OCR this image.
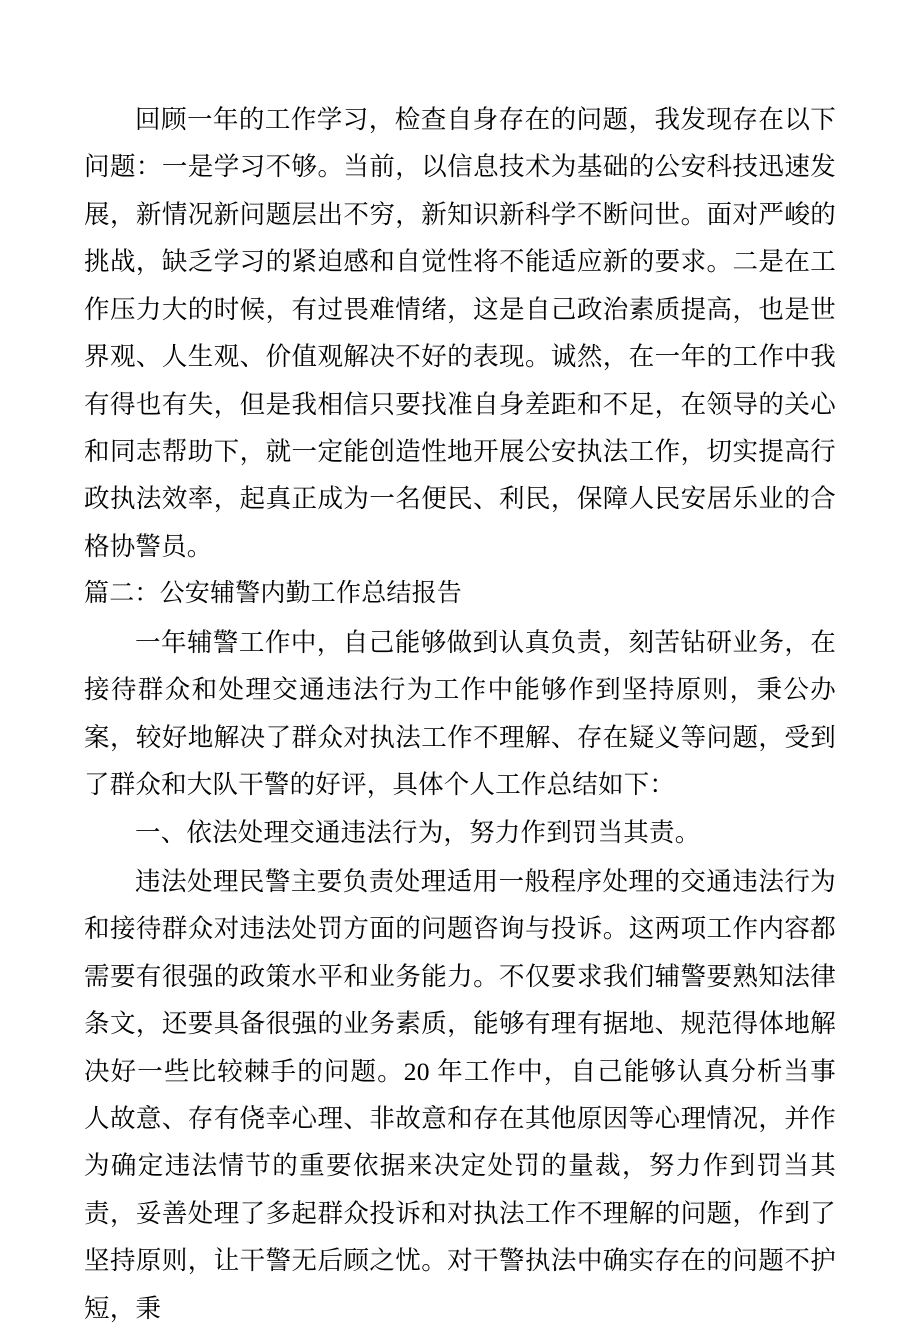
回顾一年的工作学习，检查自身存在的问题，我发现存在以下问题：一是学习不够。当前，以信息技术为基础的公安科技迅速发展，新情况新问题层出不穷，新知识新科学不断问世。面对严峻的挑战，缺乏学习的紧迫感和自觉性将不能适应新的要求。二是在工作压力大的时候，有过畏难情绪，这是自己政治素质提高，也是世界观、人生观、价值观解决不好的表现。诚然，在一年的工作中我有得也有失，但是我相信只要找准自身差距和不足，在领导的关心和同志帮助下，就一定能创造性地开展公安执法工作，切实提高行政执法效率，起真正成为一名便民、利民，保障人民安居乐业的合格协警员。

篇二：公安辅警内勤工作总结报告

一年辅警工作中，自己能够做到认真负责，刻苦钻研业务，在接待群众和处理交通违法行为工作中能够作到坚持原则，秉公办案，较好地解决了群众对执法工作不理解、存在疑义等问题，受到了群众和大队干警的好评，具体个人工作总结如下：

一、依法处理交通违法行为，努力作到罚当其责。

违法处理民警主要负责处理适用一般程序处理的交通违法行为和接待群众对违法处罚方面的问题咨询与投诉。这两项工作内容都需要有很强的政策水平和业务能力。不仅要求我们辅警要熟知法律条文，还要具备很强的业务素质，能够有理有据地、规范得体地解决好一些比较棘手的问题。20 年工作中，自己能够认真分析当事人故意、存有侥幸心理、非故意和存在其他原因等心理情况，并作为确定违法情节的重要依据来决定处罚的量裁，努力作到罚当其责，妥善处理了多起群众投诉和对执法工作不理解的问题，作到了坚持原则，让干警无后顾之忧。对干警执法中确实存在的问题不护短，秉
